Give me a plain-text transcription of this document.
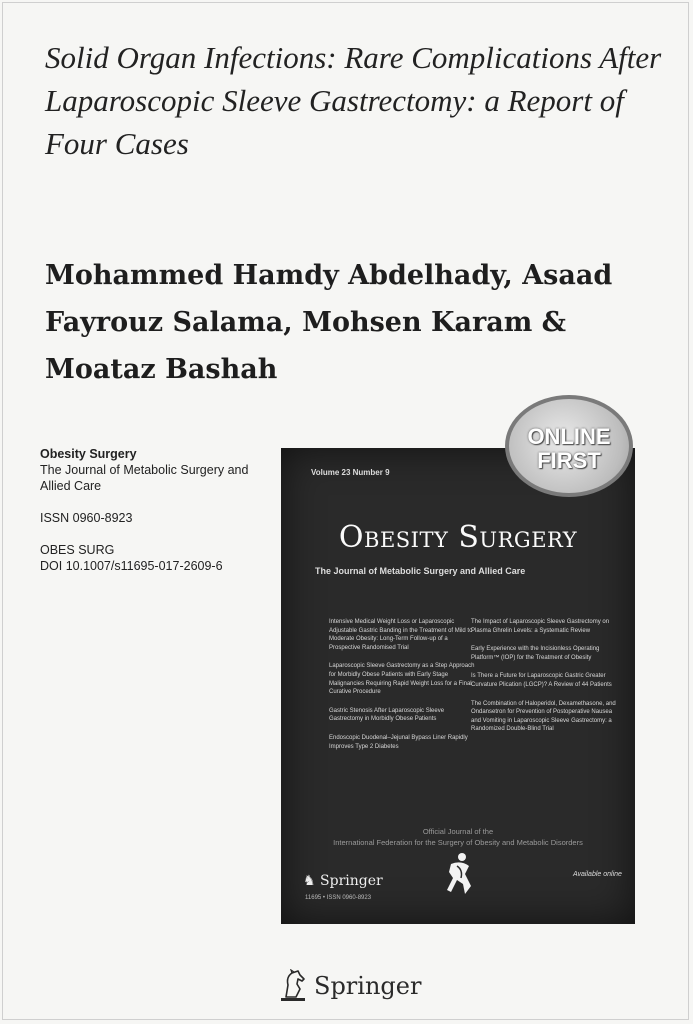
Solid Organ Infections: Rare Complications After Laparoscopic Sleeve Gastrectomy: a Report of Four Cases
Mohammed Hamdy Abdelhady, Asaad Fayrouz Salama, Mohsen Karam & Moataz Bashah
Obesity Surgery
The Journal of Metabolic Surgery and Allied Care
ISSN 0960-8923
OBES SURG
DOI 10.1007/s11695-017-2609-6
Volume 23 Number 9
Obesity Surgery
The Journal of Metabolic Surgery and Allied Care
Intensive Medical Weight Loss or Laparoscopic Adjustable Gastric Banding in the Treatment of Mild to Moderate Obesity: Long-Term Follow-up of a Prospective Randomised Trial
Laparoscopic Sleeve Gastrectomy as a Step Approach for Morbidly Obese Patients with Early Stage Malignancies Requiring Rapid Weight Loss for a Final Curative Procedure
Gastric Stenosis After Laparoscopic Sleeve Gastrectomy in Morbidly Obese Patients
Endoscopic Duodenal–Jejunal Bypass Liner Rapidly Improves Type 2 Diabetes
The Impact of Laparoscopic Sleeve Gastrectomy on Plasma Ghrelin Levels: a Systematic Review
Early Experience with the Incisionless Operating Platform™ (IOP) for the Treatment of Obesity
Is There a Future for Laparoscopic Gastric Greater Curvature Plication (LGCP)? A Review of 44 Patients
The Combination of Haloperidol, Dexamethasone, and Ondansetron for Prevention of Postoperative Nausea and Vomiting in Laparoscopic Sleeve Gastrectomy: a Randomized Double-Blind Trial
Official Journal of the
International Federation for the Surgery of Obesity and Metabolic Disorders
♞ Springer
11695 • ISSN 0960-8923
Available online
ONLINE
FIRST
Springer
